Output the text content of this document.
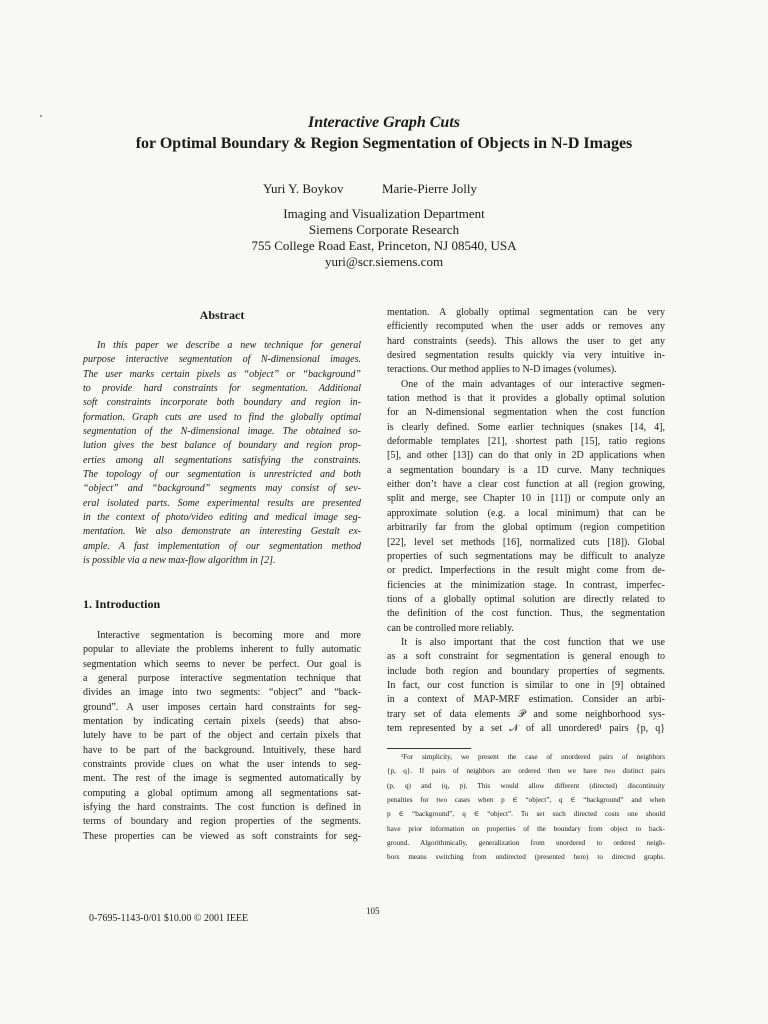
Interactive Graph Cuts
for Optimal Boundary & Region Segmentation of Objects in N-D Images
Yuri Y. Boykov	Marie-Pierre Jolly
Imaging and Visualization Department
Siemens Corporate Research
755 College Road East, Princeton, NJ 08540, USA
yuri@scr.siemens.com
Abstract
In this paper we describe a new technique for general
purpose interactive segmentation of N-dimensional images.
The user marks certain pixels as “object” or “background”
to provide hard constraints for segmentation. Additional
soft constraints incorporate both boundary and region in-
formation. Graph cuts are used to find the globally optimal
segmentation of the N-dimensional image. The obtained so-
lution gives the best balance of boundary and region prop-
erties among all segmentations satisfying the constraints.
The topology of our segmentation is unrestricted and both
“object” and “background” segments may consist of sev-
eral isolated parts. Some experimental results are presented
in the context of photo/video editing and medical image seg-
mentation. We also demonstrate an interesting Gestalt ex-
ample. A fast implementation of our segmentation method
is possible via a new max-flow algorithm in [2].
1. Introduction
Interactive segmentation is becoming more and more
popular to alleviate the problems inherent to fully automatic
segmentation which seems to never be perfect. Our goal is
a general purpose interactive segmentation technique that
divides an image into two segments: “object” and “back-
ground”. A user imposes certain hard constraints for seg-
mentation by indicating certain pixels (seeds) that abso-
lutely have to be part of the object and certain pixels that
have to be part of the background. Intuitively, these hard
constraints provide clues on what the user intends to seg-
ment. The rest of the image is segmented automatically by
computing a global optimum among all segmentations sat-
isfying the hard constraints. The cost function is defined in
terms of boundary and region properties of the segments.
These properties can be viewed as soft constraints for seg-
mentation. A globally optimal segmentation can be very
efficiently recomputed when the user adds or removes any
hard constraints (seeds). This allows the user to get any
desired segmentation results quickly via very intuitive in-
teractions. Our method applies to N-D images (volumes).
One of the main advantages of our interactive segmen-
tation method is that it provides a globally optimal solution
for an N-dimensional segmentation when the cost function
is clearly defined. Some earlier techniques (snakes [14, 4],
deformable templates [21], shortest path [15], ratio regions
[5], and other [13]) can do that only in 2D applications when
a segmentation boundary is a 1D curve. Many techniques
either don’t have a clear cost function at all (region growing,
split and merge, see Chapter 10 in [11]) or compute only an
approximate solution (e.g. a local minimum) that can be
arbitrarily far from the global optimum (region competition
[22], level set methods [16], normalized cuts [18]). Global
properties of such segmentations may be difficult to analyze
or predict. Imperfections in the result might come from de-
ficiencies at the minimization stage. In contrast, imperfec-
tions of a globally optimal solution are directly related to
the definition of the cost function. Thus, the segmentation
can be controlled more reliably.
It is also important that the cost function that we use
as a soft constraint for segmentation is general enough to
include both region and boundary properties of segments.
In fact, our cost function is similar to one in [9] obtained
in a context of MAP-MRF estimation. Consider an arbi-
trary set of data elements 𝒫 and some neighborhood sys-
tem represented by a set 𝒩 of all unordered¹ pairs {p, q}
¹For simplicity, we present the case of unordered pairs of neighbors
{p, q}. If pairs of neighbors are ordered then we have two distinct pairs
(p, q) and (q, p). This would allow different (directed) discontinuity
penalties for two cases when p ∈ “object”, q ∈ “background” and when
p ∈ “background”, q ∈ “object”. To set such directed costs one should
have prior information on properties of the boundary from object to back-
ground. Algorithmically, generalization from unordered to ordered neigh-
bors means switching from undirected (presented here) to directed graphs.
0-7695-1143-0/01 $10.00 © 2001 IEEE
105
